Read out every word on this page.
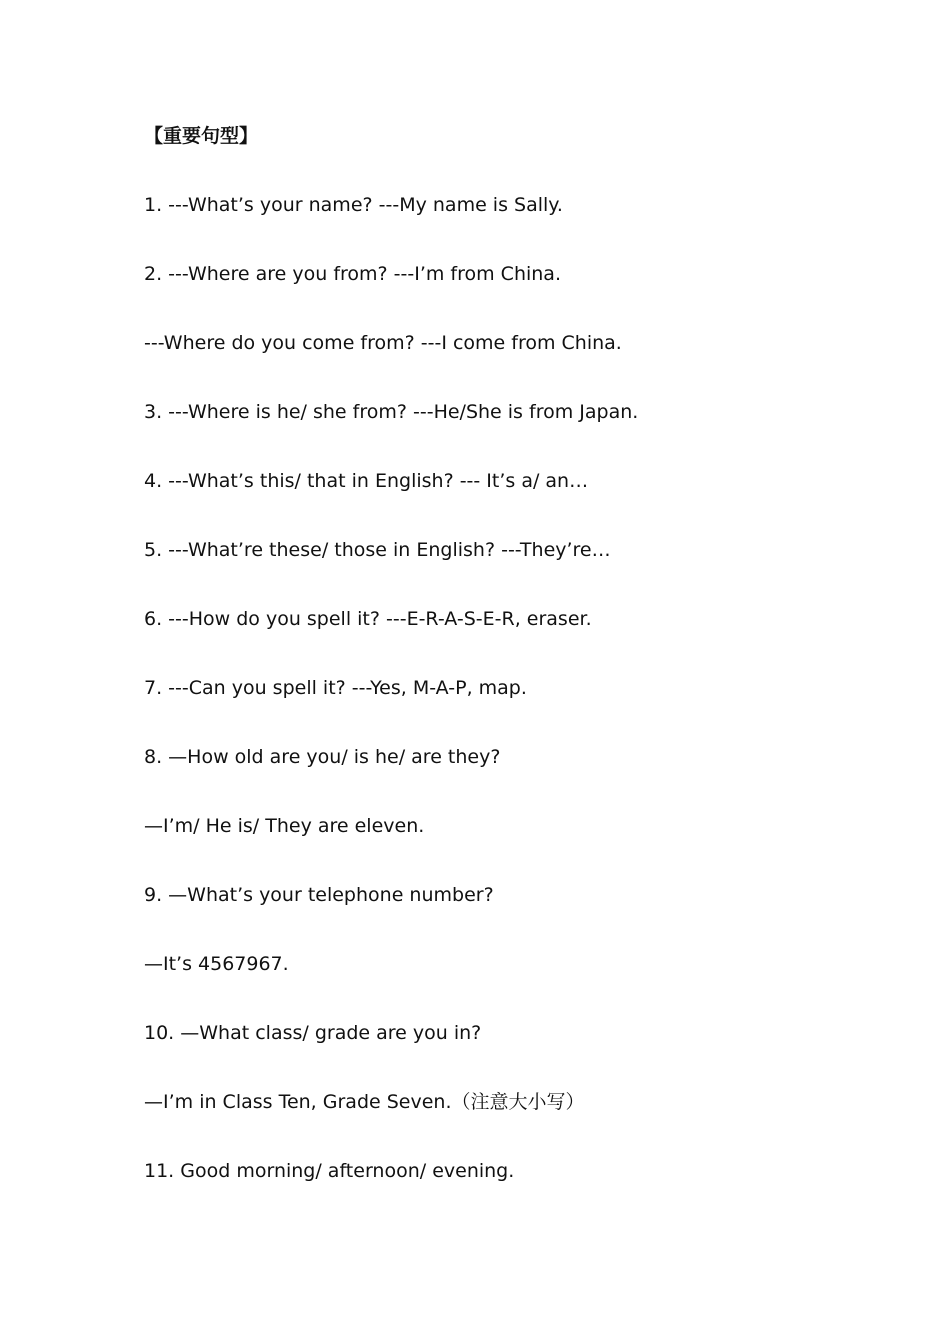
【重要句型】
1. ---What’s your name? ---My name is Sally.
2. ---Where are you from? ---I’m from China.
---Where do you come from? ---I come from China.
3. ---Where is he/ she from? ---He/She is from Japan.
4. ---What’s this/ that in English? --- It’s a/ an…
5. ---What’re these/ those in English? ---They’re…
6. ---How do you spell it? ---E-R-A-S-E-R, eraser.
7. ---Can you spell it? ---Yes, M-A-P, map.
8. —How old are you/ is he/ are they?
—I’m/ He is/ They are eleven.
9. —What’s your telephone number?
—It’s 4567967.
10. —What class/ grade are you in?
—I’m in Class Ten, Grade Seven.（注意大小写）
11. Good morning/ afternoon/ evening.
